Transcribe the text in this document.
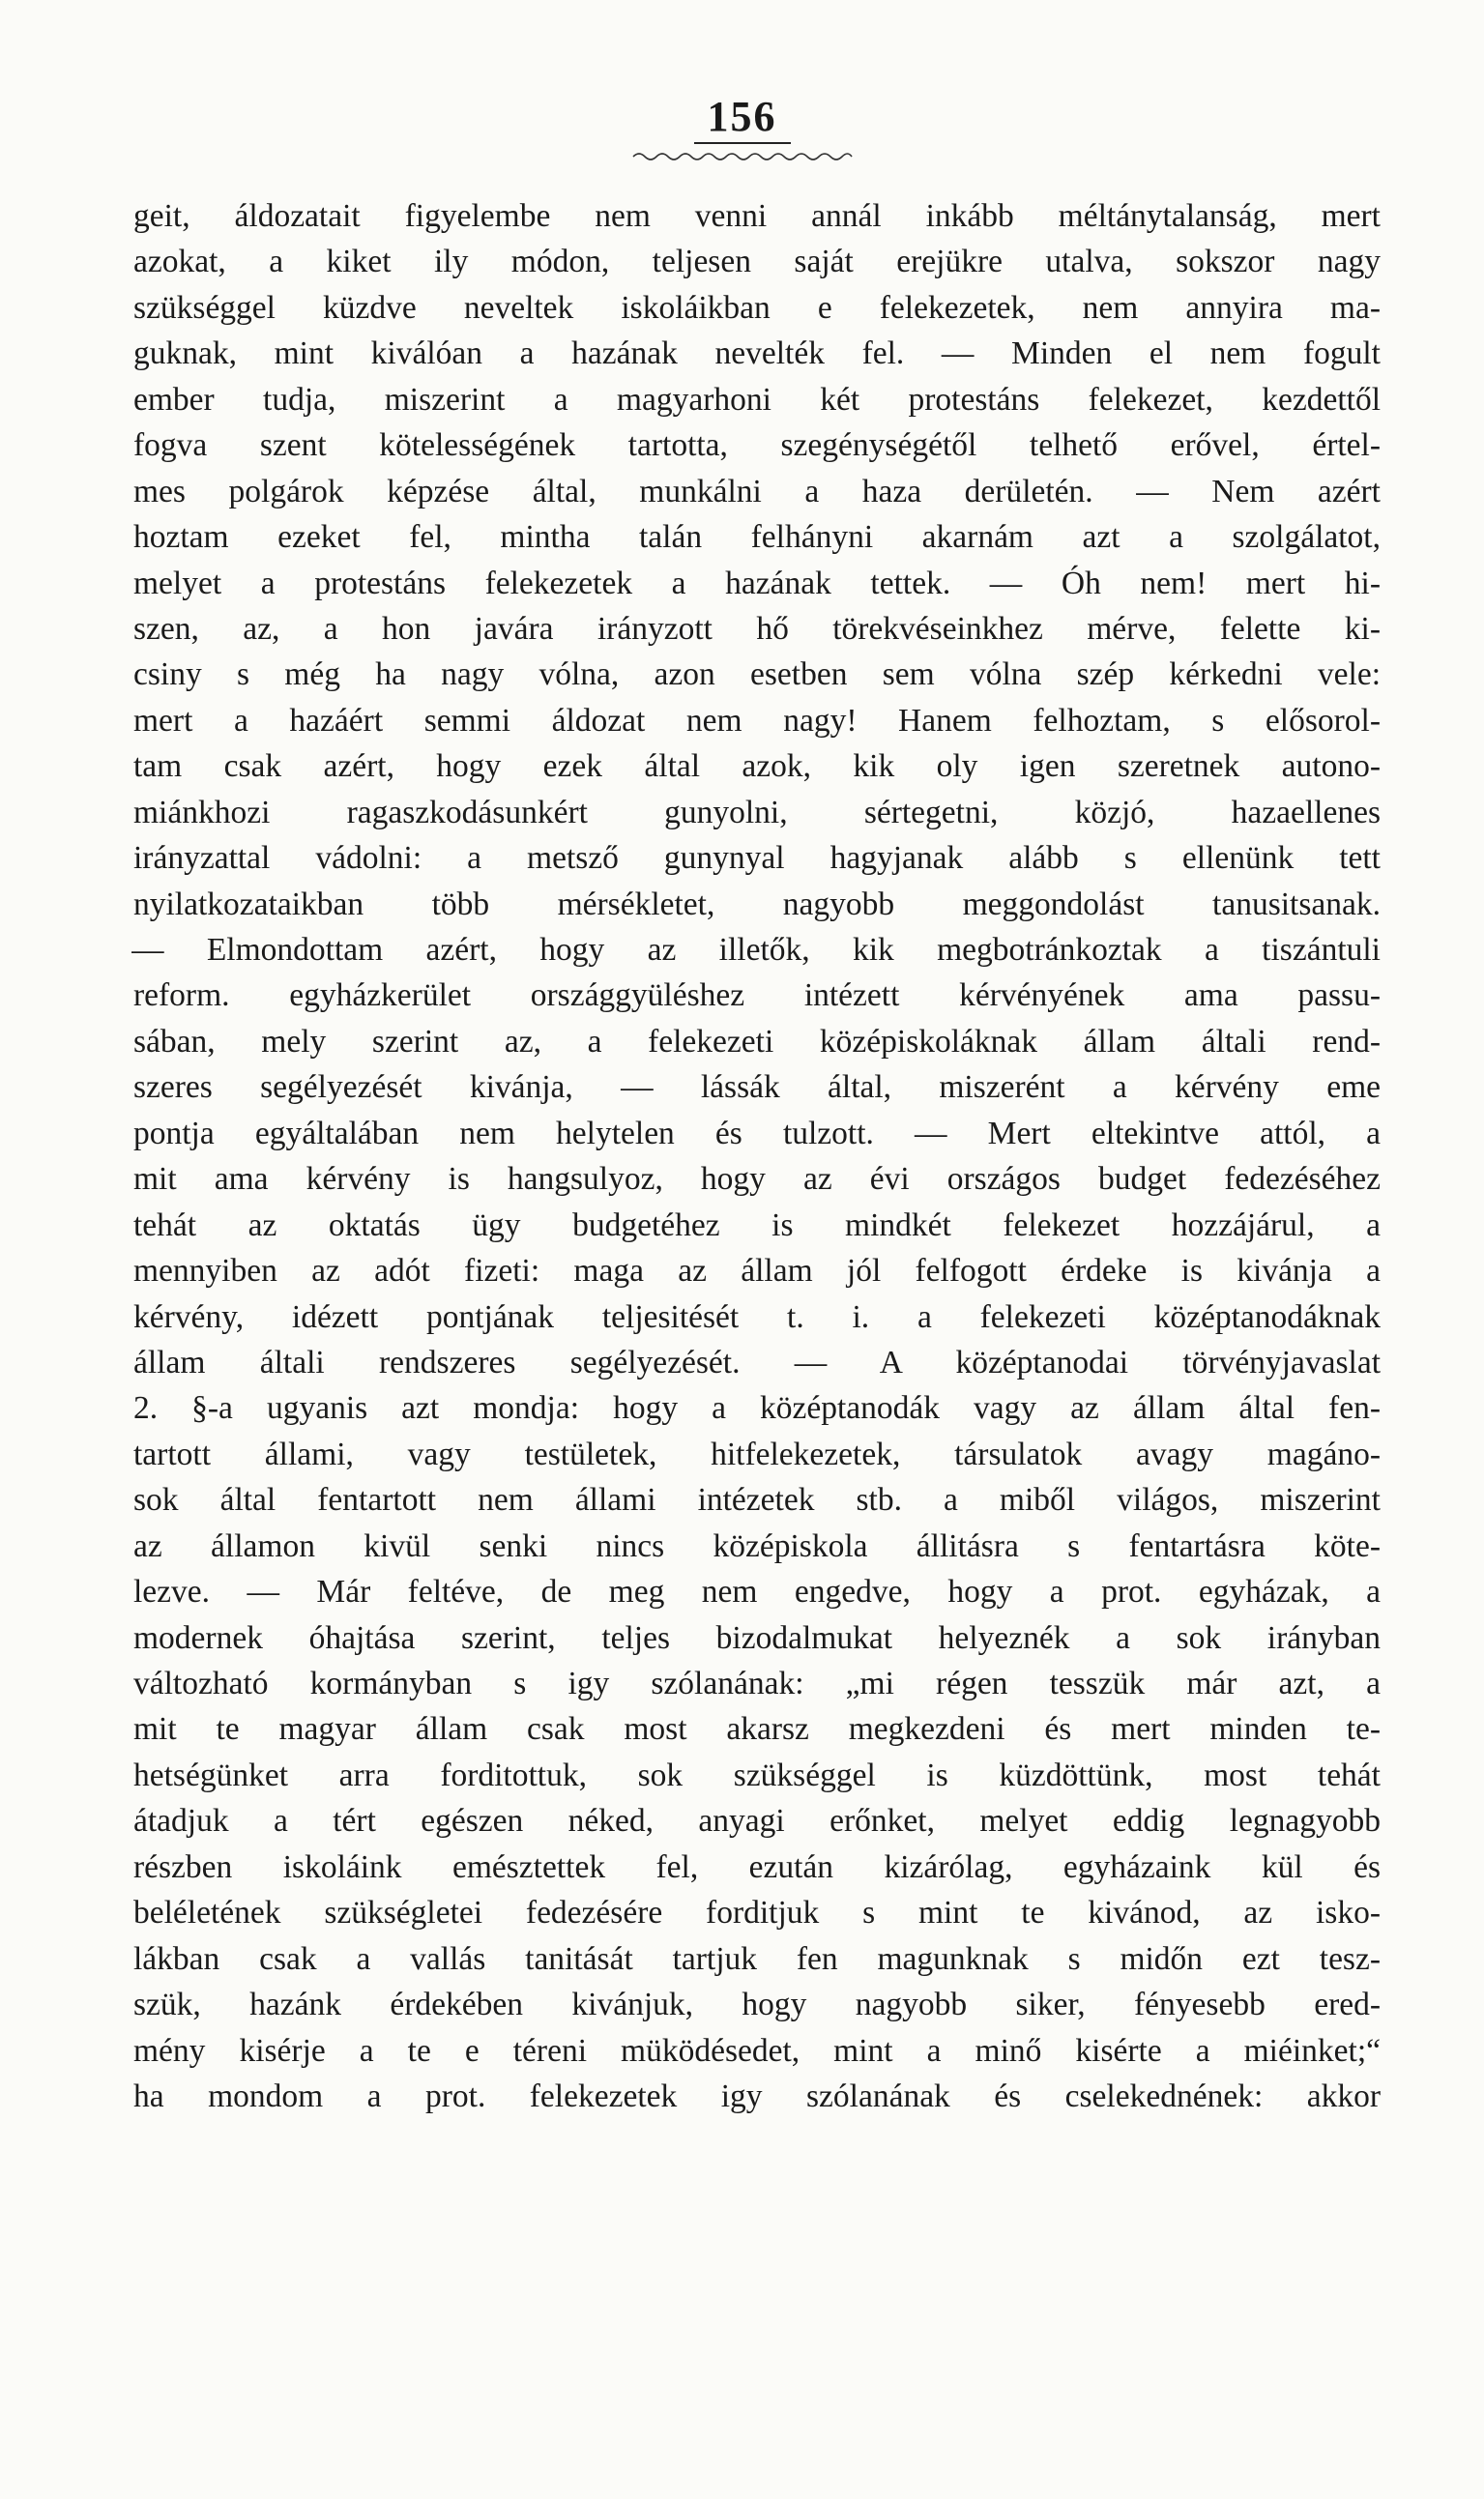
156
geit, áldozatait figyelembe nem venni annál inkább méltánytalanság, mert
azokat, a kiket ily módon, teljesen saját erejükre utalva, sokszor nagy
szükséggel küzdve neveltek iskoláikban e felekezetek, nem annyira ma-
guknak, mint kiválóan a hazának nevelték fel. — Minden el nem fogult
ember tudja, miszerint a magyarhoni két protestáns felekezet, kezdettől
fogva szent kötelességének tartotta, szegénységétől telhető erővel, értel-
mes polgárok képzése által, munkálni a haza derületén. — Nem azért
hoztam ezeket fel, mintha talán felhányni akarnám azt a szolgálatot,
melyet a protestáns felekezetek a hazának tettek. — Óh nem! mert hi-
szen, az, a hon javára irányzott hő törekvéseinkhez mérve, felette ki-
csiny s még ha nagy vólna, azon esetben sem vólna szép kérkedni vele:
mert a hazáért semmi áldozat nem nagy! Hanem felhoztam, s elősorol-
tam csak azért, hogy ezek által azok, kik oly igen szeretnek autono-
miánkhozi ragaszkodásunkért gunyolni, sértegetni, közjó, hazaellenes
irányzattal vádolni: a metsző gunynyal hagyjanak alább s ellenünk tett
nyilatkozataikban több mérsékletet, nagyobb meggondolást tanusitsanak.
— Elmondottam azért, hogy az illetők, kik megbotránkoztak a tiszántuli
reform. egyházkerület országgyüléshez intézett kérvényének ama passu-
sában, mely szerint az, a felekezeti középiskoláknak állam általi rend-
szeres segélyezését kivánja, — lássák által, miszerént a kérvény eme
pontja egyáltalában nem helytelen és tulzott. — Mert eltekintve attól, a
mit ama kérvény is hangsulyoz, hogy az évi országos budget fedezéséhez
tehát az oktatás ügy budgetéhez is mindkét felekezet hozzájárul, a
mennyiben az adót fizeti: maga az állam jól felfogott érdeke is kivánja a
kérvény, idézett pontjának teljesitését t. i. a felekezeti középtanodáknak
állam általi rendszeres segélyezését. — A középtanodai törvényjavaslat
2. §-a ugyanis azt mondja: hogy a középtanodák vagy az állam által fen-
tartott állami, vagy testületek, hitfelekezetek, társulatok avagy magáno-
sok által fentartott nem állami intézetek stb. a miből világos, miszerint
az államon kivül senki nincs középiskola állitásra s fentartásra köte-
lezve. — Már feltéve, de meg nem engedve, hogy a prot. egyházak, a
modernek óhajtása szerint, teljes bizodalmukat helyeznék a sok irányban
változható kormányban s igy szólanának: „mi régen tesszük már azt, a
mit te magyar állam csak most akarsz megkezdeni és mert minden te-
hetségünket arra forditottuk, sok szükséggel is küzdöttünk, most tehát
átadjuk a tért egészen néked, anyagi erőnket, melyet eddig legnagyobb
részben iskoláink emésztettek fel, ezután kizárólag, egyházaink kül és
beléletének szükségletei fedezésére forditjuk s mint te kivánod, az isko-
lákban csak a vallás tanitását tartjuk fen magunknak s midőn ezt tesz-
szük, hazánk érdekében kivánjuk, hogy nagyobb siker, fényesebb ered-
mény kisérje a te e téreni müködésedet, mint a minő kisérte a miéinket;“
ha mondom a prot. felekezetek igy szólanának és cselekednének: akkor
